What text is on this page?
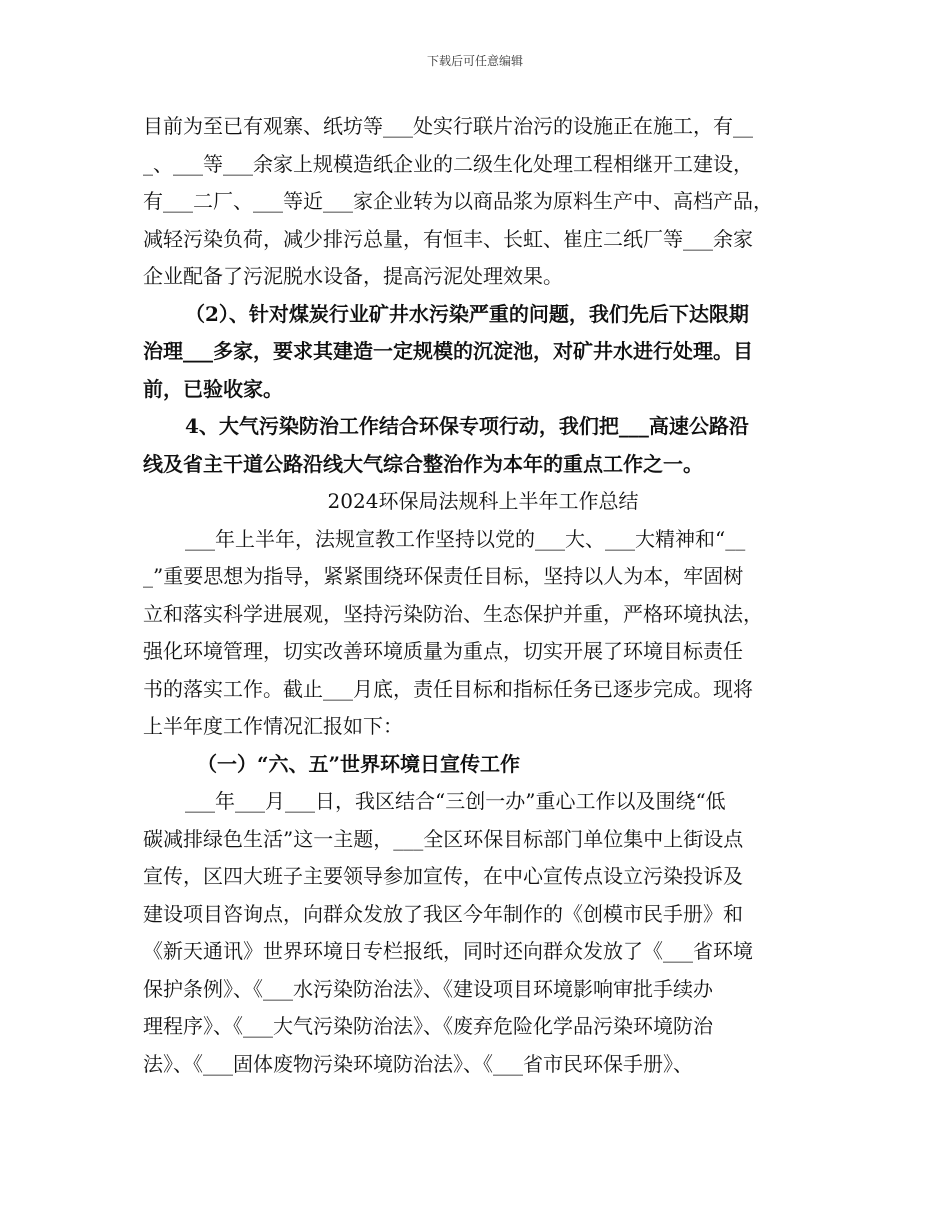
下载后可任意编辑
目前为至已有观寨、纸坊等___处实行联片治污的设施正在施工，有__
_、___等___余家上规模造纸企业的二级生化处理工程相继开工建设，
有___二厂、___等近___家企业转为以商品浆为原料生产中、高档产品，
减轻污染负荷，减少排污总量，有恒丰、长虹、崔庄二纸厂等___余家
企业配备了污泥脱水设备，提高污泥处理效果。
（2）、针对煤炭行业矿井水污染严重的问题，我们先后下达限期
治理___多家，要求其建造一定规模的沉淀池，对矿井水进行处理。目
前，已验收家。
4、大气污染防治工作结合环保专项行动，我们把___高速公路沿
线及省主干道公路沿线大气综合整治作为本年的重点工作之一。
2024环保局法规科上半年工作总结
___年上半年，法规宣教工作坚持以党的___大、___大精神和“__
_”重要思想为指导，紧紧围绕环保责任目标，坚持以人为本，牢固树
立和落实科学进展观，坚持污染防治、生态保护并重，严格环境执法，
强化环境管理，切实改善环境质量为重点，切实开展了环境目标责任
书的落实工作。截止___月底，责任目标和指标任务已逐步完成。现将
上半年度工作情况汇报如下：
（一）“六、五”世界环境日宣传工作
___年___月___日，我区结合“三创一办”重心工作以及围绕“低
碳减排绿色生活”这一主题，___全区环保目标部门单位集中上街设点
宣传，区四大班子主要领导参加宣传，在中心宣传点设立污染投诉及
建设项目咨询点，向群众发放了我区今年制作的《创模市民手册》和
《新天通讯》世界环境日专栏报纸，同时还向群众发放了《___省环境
保护条例》、《___水污染防治法》、《建设项目环境影响审批手续办
理程序》、《___大气污染防治法》、《废弃危险化学品污染环境防治
法》、《___固体废物污染环境防治法》、《___省市民环保手册》、
